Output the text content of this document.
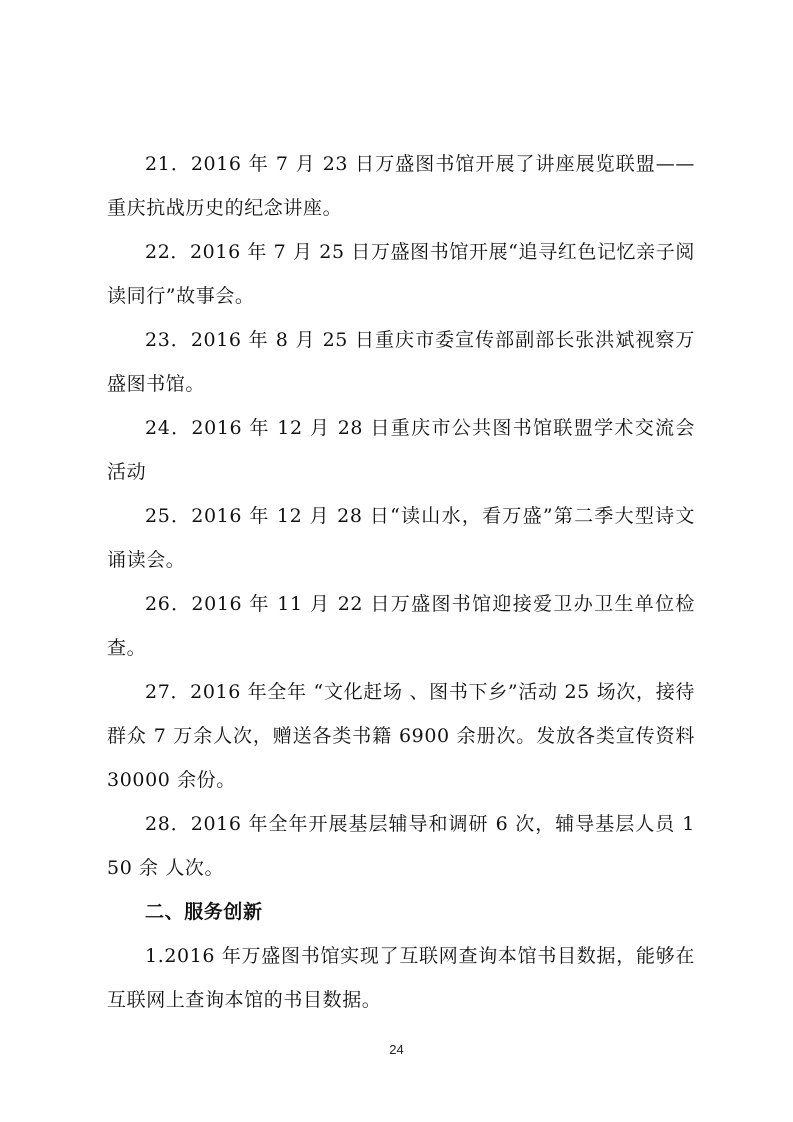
21．2016 年 7 月 23 日万盛图书馆开展了讲座展览联盟——重庆抗战历史的纪念讲座。

22．2016 年 7 月 25 日万盛图书馆开展“追寻红色记忆亲子阅读同行”故事会。

23．2016 年 8 月 25 日重庆市委宣传部副部长张洪斌视察万盛图书馆。

24．2016 年 12 月 28 日重庆市公共图书馆联盟学术交流会活动

25．2016 年 12 月 28 日“读山水，看万盛”第二季大型诗文诵读会。

26．2016 年 11 月 22 日万盛图书馆迎接爱卫办卫生单位检查。

27．2016 年全年 “文化赶场 、图书下乡”活动 25 场次，接待群众 7 万余人次，赠送各类书籍 6900 余册次。发放各类宣传资料 30000 余份。

28．2016 年全年开展基层辅导和调研 6 次，辅导基层人员 150 余 人次。

二、服务创新

1.2016 年万盛图书馆实现了互联网查询本馆书目数据，能够在互联网上查询本馆的书目数据。

24
